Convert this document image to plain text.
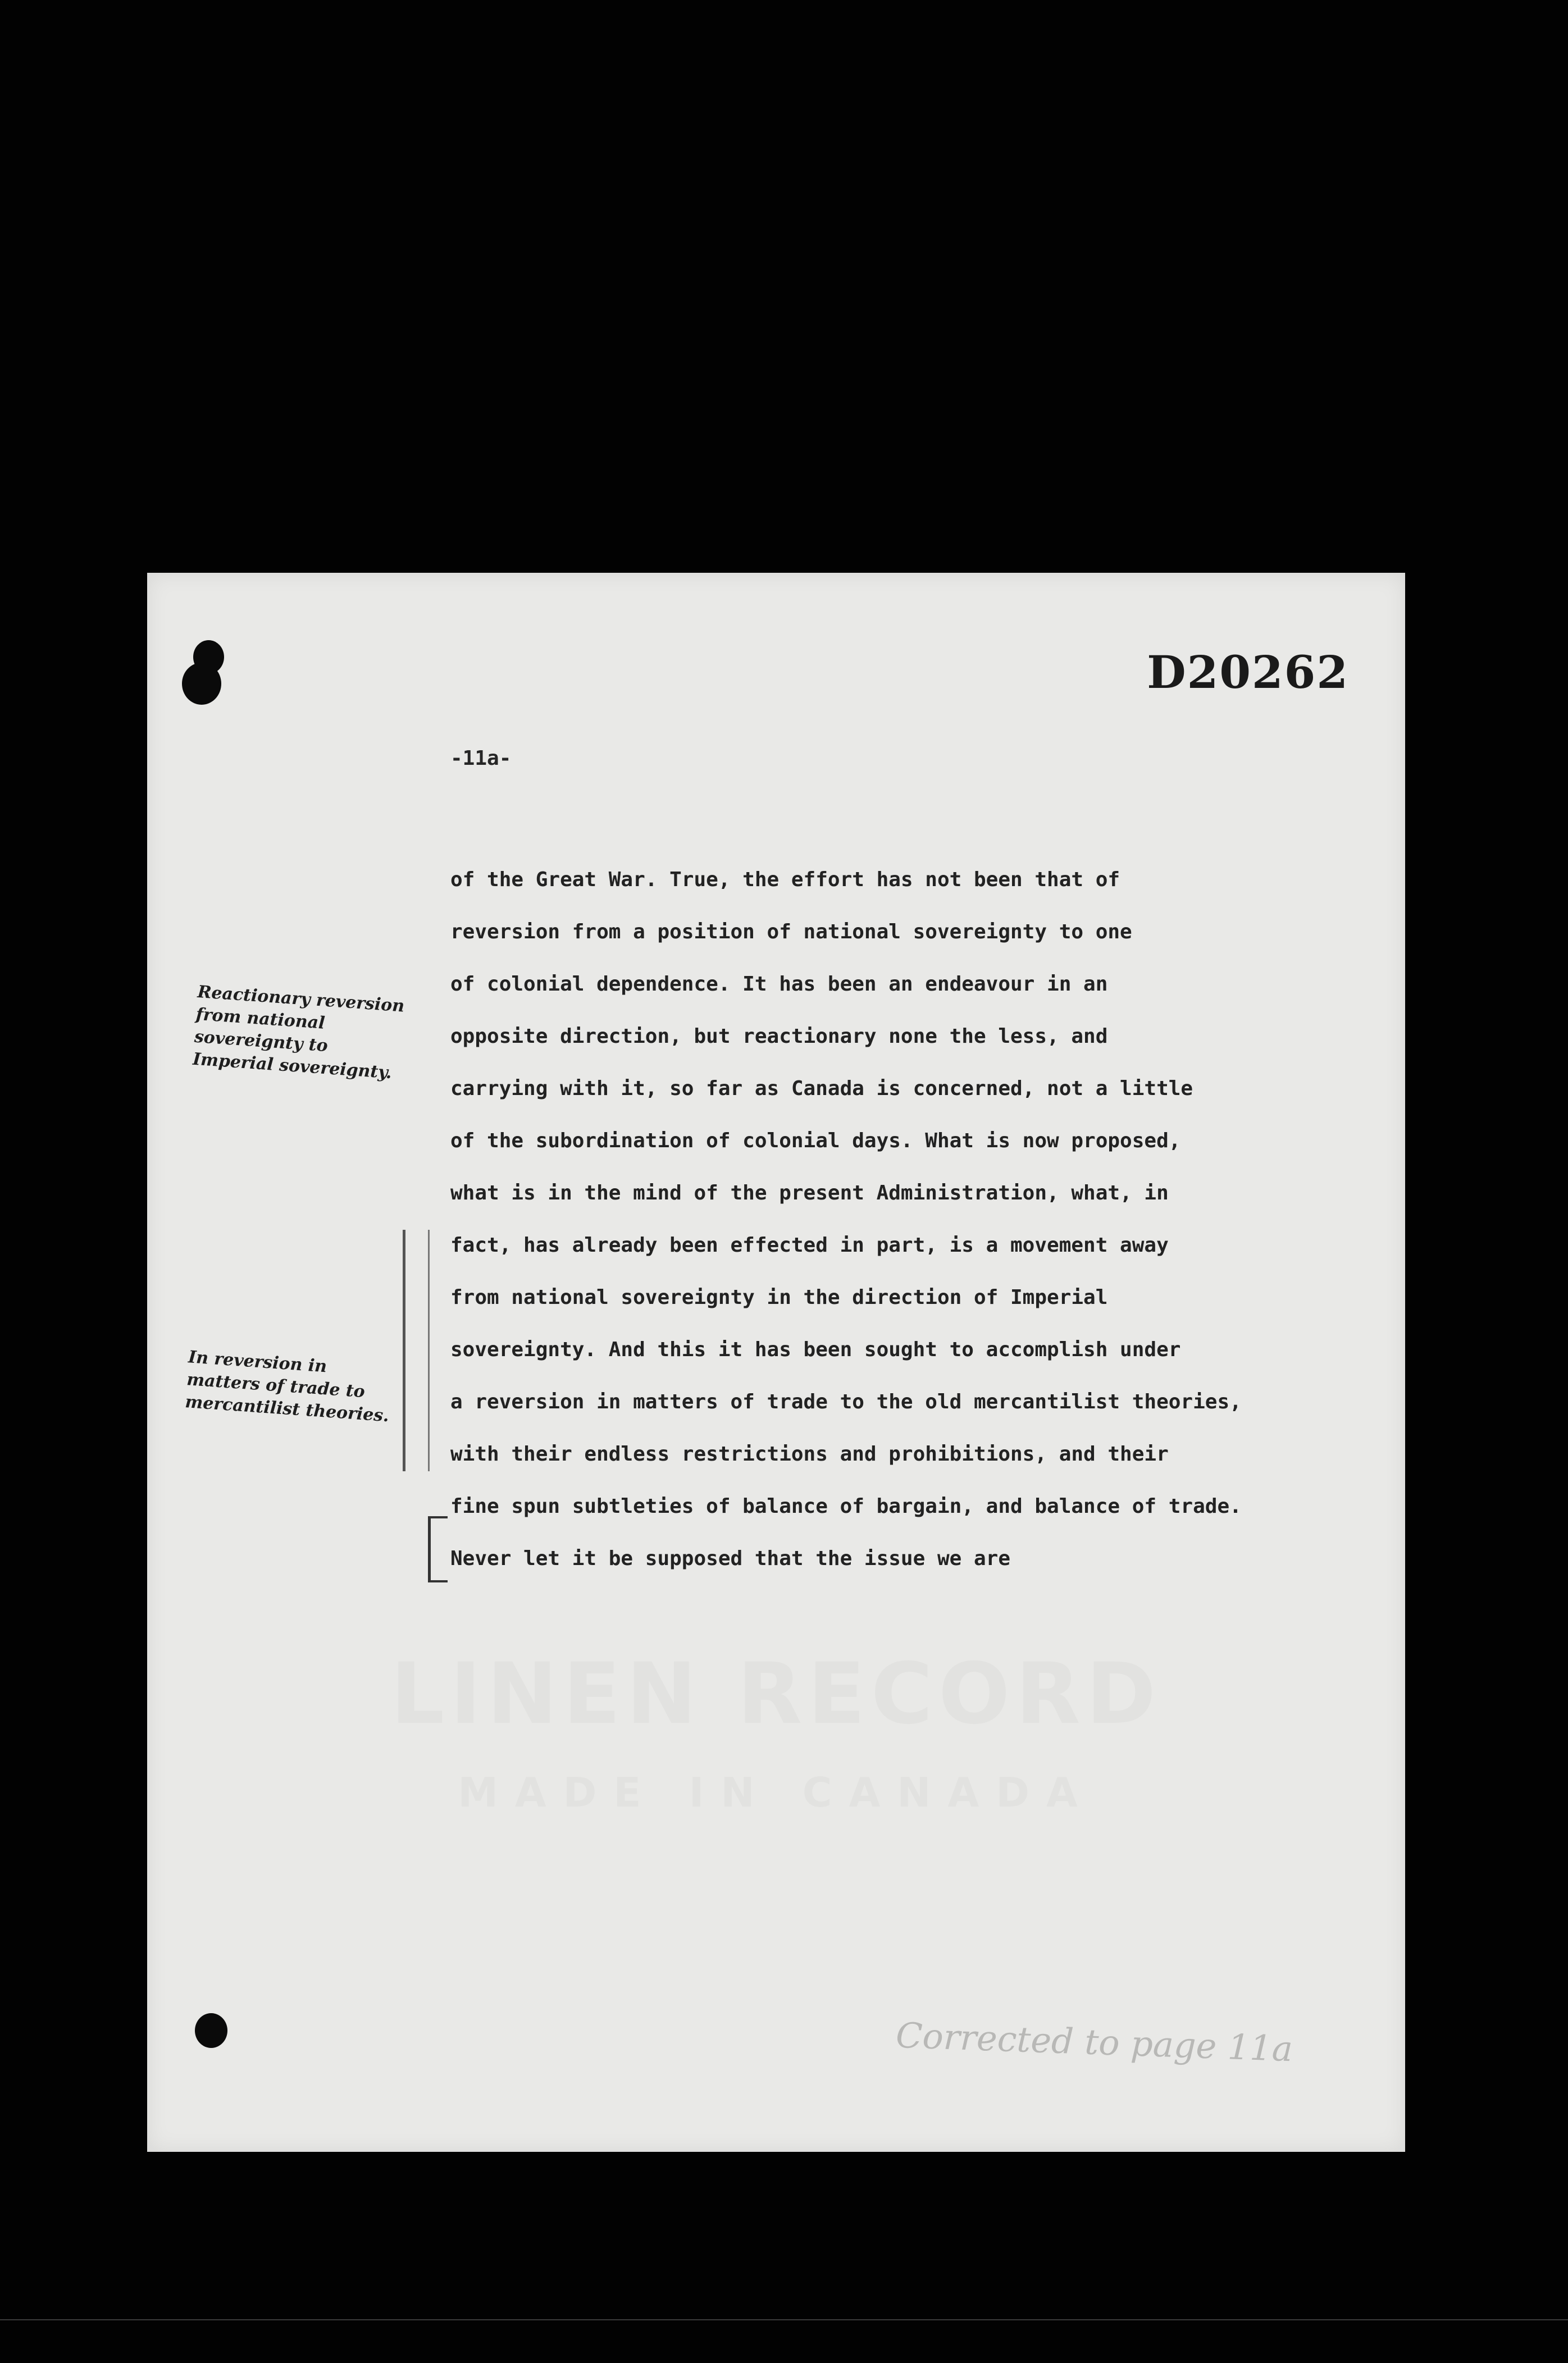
LINEN RECORD
MADE IN CANADA
D20262
-11a-
Reactionary reversion from national sovereignty to Imperial sovereignty.
In reversion in matters of trade to mercantilist theories.
of the Great War. True, the effort has not been that of
reversion from a position of national sovereignty to one
of colonial dependence. It has been an endeavour in an
opposite direction, but reactionary none the less, and
carrying with it, so far as Canada is concerned, not a little
of the subordination of colonial days. What is now proposed,
what is in the mind of the present Administration, what, in
fact, has already been effected in part, is a movement away
from national sovereignty in the direction of Imperial
sovereignty. And this it has been sought to accomplish under
a reversion in matters of trade to the old mercantilist theories,
with their endless restrictions and prohibitions, and their
fine spun subtleties of balance of bargain, and balance of trade.
Never let it be supposed that the issue we are
Corrected to page 11a
